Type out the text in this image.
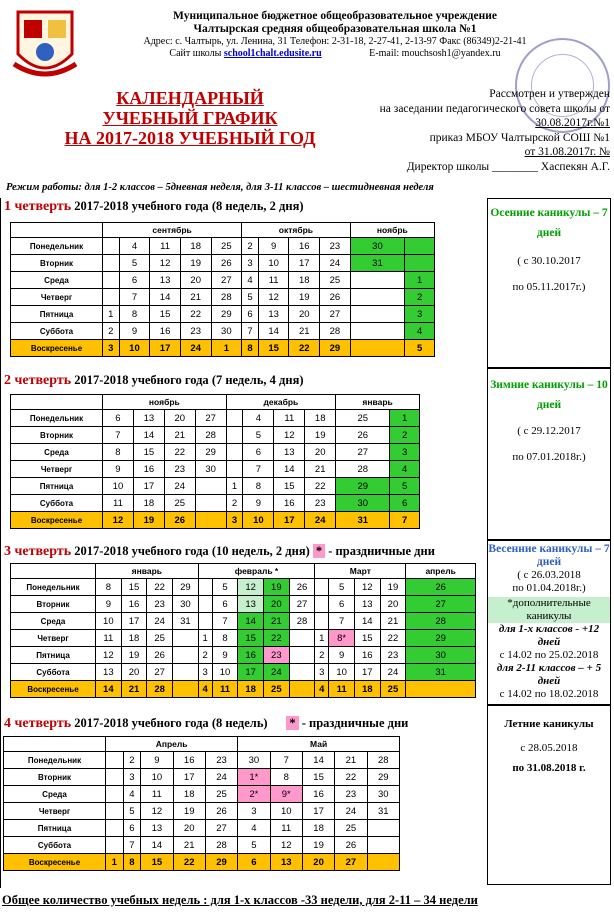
Муниципальное бюджетное общеобразовательное учреждение
Чалтырская средняя общеобразовательная школа №1
Адрес: с. Чалтырь, ул. Ленина, 31 Телефон: 2-31-18, 2-27-41, 2-13-97 Факс (86349)2-21-41
Сайт школы school1chalt.edusite.ru	E-mail: mouchsosh1@yandex.ru
КАЛЕНДАРНЫЙ
УЧЕБНЫЙ ГРАФИК
НА 2017-2018 УЧЕБНЫЙ ГОД
Рассмотрен и утвержден
на заседании педагогического совета школы от
30.08.2017г.№1
приказ МБОУ Чалтырской СОШ №1
от 31.08.2017г. №
Директор школы ________ Хаспекян А.Г.
Режим работы: для 1-2 классов – 5дневная неделя, для 3-11 классов – шестидневная неделя
1 четверть 2017-2018 учебного года (8 недель, 2 дня)
	сентябрь					октябрь				ноябрь	
Понедельник		4	11	18	25	2	9	16	23	30	
Вторник		5	12	19	26	3	10	17	24	31	
Среда		6	13	20	27	4	11	18	25		1
Четверг		7	14	21	28	5	12	19	26		2
Пятница	1	8	15	22	29	6	13	20	27		3
Суббота	2	9	16	23	30	7	14	21	28		4
Воскресенье	3	10	17	24	1	8	15	22	29		5
Осенние каникулы – 7 дней
( с 30.10.2017
по 05.11.2017г.)
2 четверть 2017-2018 учебного года (7 недель, 4 дня)
	ноябрь				декабрь				январь	
Понедельник	6	13	20	27		4	11	18	25	1
Вторник	7	14	21	28		5	12	19	26	2
Среда	8	15	22	29		6	13	20	27	3
Четверг	9	16	23	30		7	14	21	28	4
Пятница	10	17	24		1	8	15	22	29	5
Суббота	11	18	25		2	9	16	23	30	6
Воскресенье	12	19	26		3	10	17	24	31	7
Зимние каникулы – 10 дней
( с 29.12.2017
по 07.01.2018г.)
3 четверть 2017-2018 учебного года (10 недель, 2 дня) * - праздничные дни
	январь				февраль *					Март				апрель
Понедельник	8	15	22	29		5	12	19	26		5	12	19	26
Вторник	9	16	23	30		6	13	20	27		6	13	20	27
Среда	10	17	24	31		7	14	21	28		7	14	21	28
Четверг	11	18	25		1	8	15	22		1	8*	15	22	29
Пятница	12	19	26		2	9	16	23		2	9	16	23	30
Суббота	13	20	27		3	10	17	24		3	10	17	24	31
Воскресенье	14	21	28		4	11	18	25		4	11	18	25	
Весенние каникулы – 7 дней
( с 26.03.2018
по 01.04.2018г.)
*дополнительные каникулы
для 1-х классов - +12 дней
с 14.02 по 25.02.2018
для 2-11 классов – + 5 дней
с 14.02 по 18.02.2018
4 четверть 2017-2018 учебного года (8 недель) * - праздничные дни
	Апрель					Май				
Понедельник		2	9	16	23	30	7	14	21	28
Вторник		3	10	17	24	1*	8	15	22	29
Среда		4	11	18	25	2*	9*	16	23	30
Четверг		5	12	19	26	3	10	17	24	31
Пятница		6	13	20	27	4	11	18	25	
Суббота		7	14	21	28	5	12	19	26	
Воскресенье	1	8	15	22	29	6	13	20	27	
Летние каникулы
с 28.05.2018
по 31.08.2018 г.
Общее количество учебных недель : для 1-х классов -33 недели, для 2-11 – 34 недели
